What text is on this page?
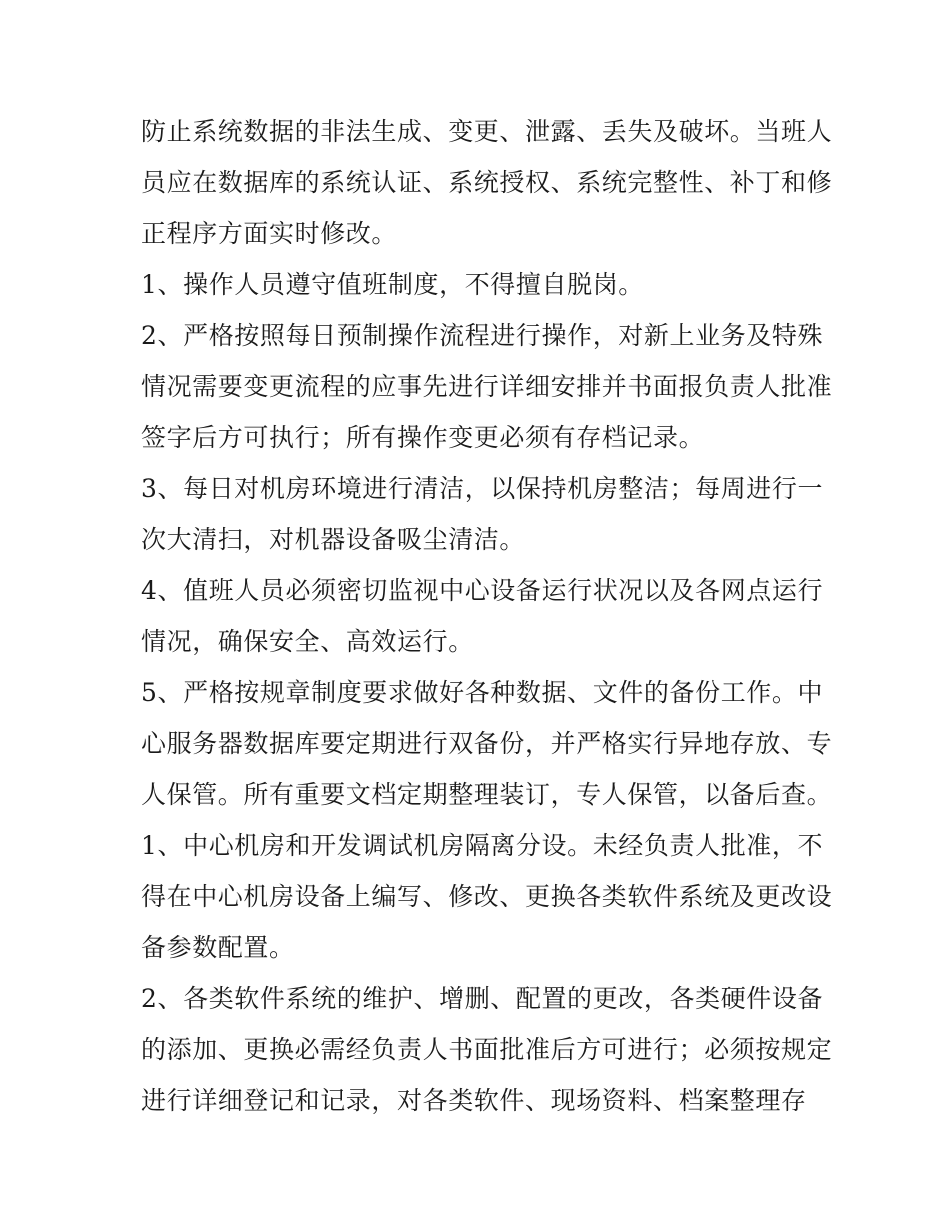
防止系统数据的非法生成、变更、泄露、丢失及破坏。当班人
员应在数据库的系统认证、系统授权、系统完整性、补丁和修
正程序方面实时修改。
1、操作人员遵守值班制度，不得擅自脱岗。
2、严格按照每日预制操作流程进行操作，对新上业务及特殊
情况需要变更流程的应事先进行详细安排并书面报负责人批准
签字后方可执行；所有操作变更必须有存档记录。
3、每日对机房环境进行清洁，以保持机房整洁；每周进行一
次大清扫，对机器设备吸尘清洁。
4、值班人员必须密切监视中心设备运行状况以及各网点运行
情况，确保安全、高效运行。
5、严格按规章制度要求做好各种数据、文件的备份工作。中
心服务器数据库要定期进行双备份，并严格实行异地存放、专
人保管。所有重要文档定期整理装订，专人保管，以备后查。
1、中心机房和开发调试机房隔离分设。未经负责人批准，不
得在中心机房设备上编写、修改、更换各类软件系统及更改设
备参数配置。
2、各类软件系统的维护、增删、配置的更改，各类硬件设备
的添加、更换必需经负责人书面批准后方可进行；必须按规定
进行详细登记和记录，对各类软件、现场资料、档案整理存
